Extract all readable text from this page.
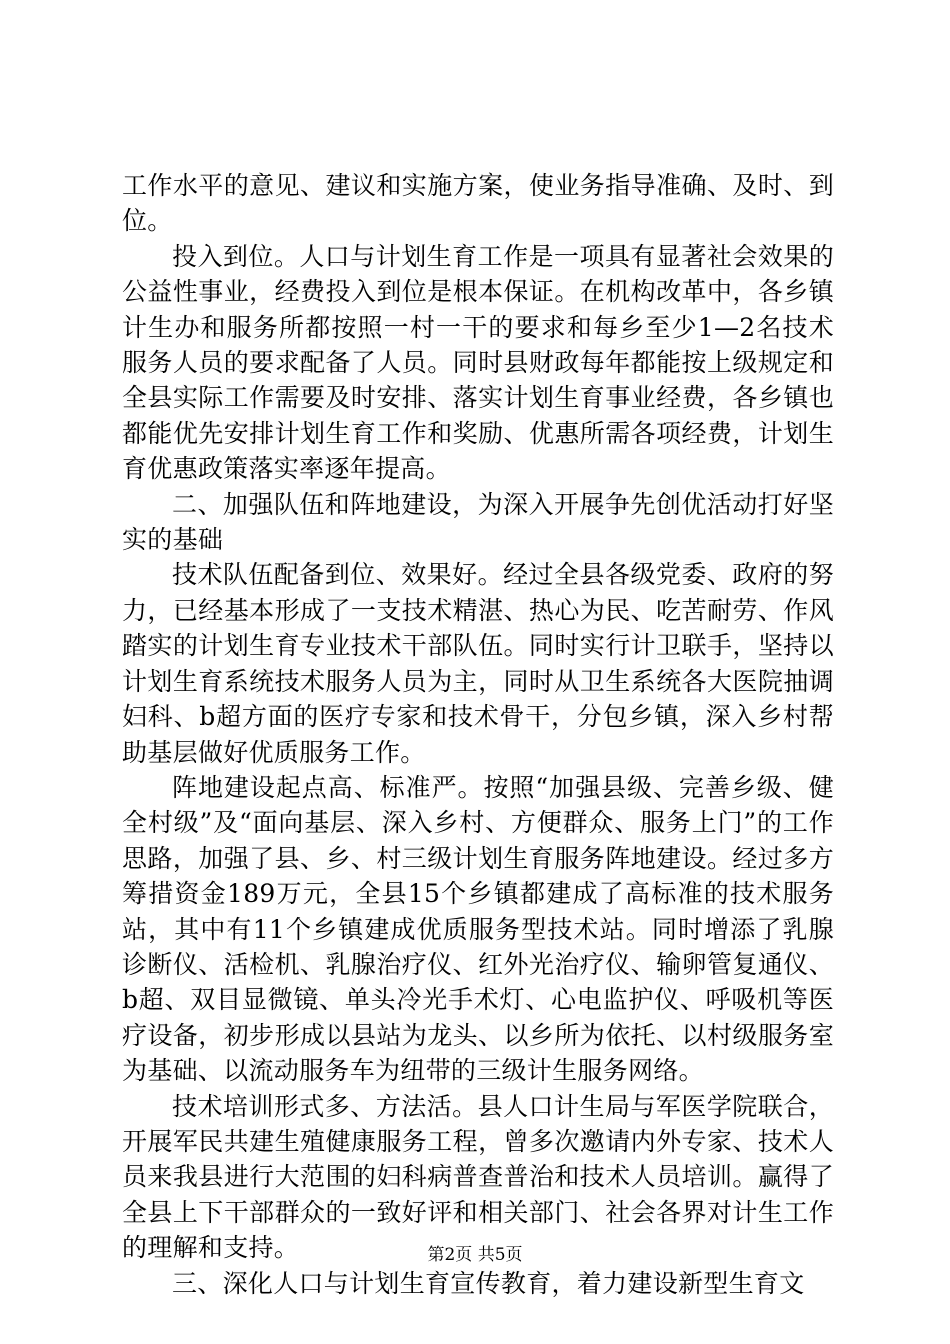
工作水平的意见、建议和实施方案，使业务指导准确、及时、到位。

投入到位。人口与计划生育工作是一项具有显著社会效果的公益性事业，经费投入到位是根本保证。在机构改革中，各乡镇计生办和服务所都按照一村一干的要求和每乡至少1—2名技术服务人员的要求配备了人员。同时县财政每年都能按上级规定和全县实际工作需要及时安排、落实计划生育事业经费，各乡镇也都能优先安排计划生育工作和奖励、优惠所需各项经费，计划生育优惠政策落实率逐年提高。

二、加强队伍和阵地建设，为深入开展争先创优活动打好坚实的基础

技术队伍配备到位、效果好。经过全县各级党委、政府的努力，已经基本形成了一支技术精湛、热心为民、吃苦耐劳、作风踏实的计划生育专业技术干部队伍。同时实行计卫联手，坚持以计划生育系统技术服务人员为主，同时从卫生系统各大医院抽调妇科、b超方面的医疗专家和技术骨干，分包乡镇，深入乡村帮助基层做好优质服务工作。

阵地建设起点高、标准严。按照“加强县级、完善乡级、健全村级”及“面向基层、深入乡村、方便群众、服务上门”的工作思路，加强了县、乡、村三级计划生育服务阵地建设。经过多方筹措资金189万元，全县15个乡镇都建成了高标准的技术服务站，其中有11个乡镇建成优质服务型技术站。同时增添了乳腺诊断仪、活检机、乳腺治疗仪、红外光治疗仪、输卵管复通仪、b超、双目显微镜、单头冷光手术灯、心电监护仪、呼吸机等医疗设备，初步形成以县站为龙头、以乡所为依托、以村级服务室为基础、以流动服务车为纽带的三级计生服务网络。

技术培训形式多、方法活。县人口计生局与军医学院联合，开展军民共建生殖健康服务工程，曾多次邀请内外专家、技术人员来我县进行大范围的妇科病普查普治和技术人员培训。赢得了全县上下干部群众的一致好评和相关部门、社会各界对计生工作的理解和支持。

三、深化人口与计划生育宣传教育，着力建设新型生育文

第2页 共5页
